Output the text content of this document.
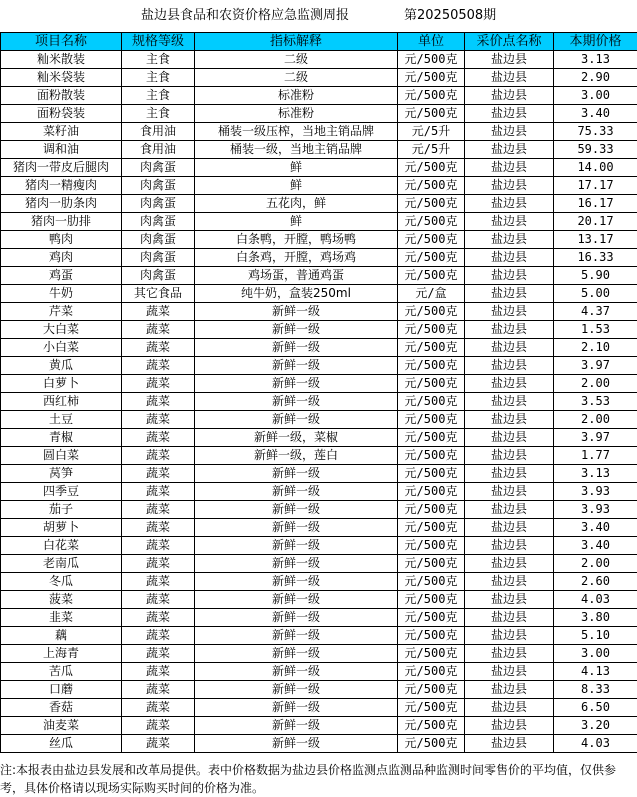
盐边县食品和农资价格应急监测周报	第20250508期
项目名称	规格等级	指标解释	单位	采价点名称	本期价格
籼米散装	主食	二级	元/500克	盐边县	3.13
籼米袋装	主食	二级	元/500克	盐边县	2.90
面粉散装	主食	标准粉	元/500克	盐边县	3.00
面粉袋装	主食	标准粉	元/500克	盐边县	3.40
菜籽油	食用油	桶装一级压榨，当地主销品牌	元/5升	盐边县	75.33
调和油	食用油	桶装一级，当地主销品牌	元/5升	盐边县	59.33
猪肉一带皮后腿肉	肉禽蛋	鲜	元/500克	盐边县	14.00
猪肉一精瘦肉	肉禽蛋	鲜	元/500克	盐边县	17.17
猪肉一肋条肉	肉禽蛋	五花肉，鲜	元/500克	盐边县	16.17
猪肉一肋排	肉禽蛋	鲜	元/500克	盐边县	20.17
鸭肉	肉禽蛋	白条鸭，开膛，鸭场鸭	元/500克	盐边县	13.17
鸡肉	肉禽蛋	白条鸡，开膛，鸡场鸡	元/500克	盐边县	16.33
鸡蛋	肉禽蛋	鸡场蛋，普通鸡蛋	元/500克	盐边县	5.90
牛奶	其它食品	纯牛奶，盒装250ml	元/盒	盐边县	5.00
芹菜	蔬菜	新鲜一级	元/500克	盐边县	4.37
大白菜	蔬菜	新鲜一级	元/500克	盐边县	1.53
小白菜	蔬菜	新鲜一级	元/500克	盐边县	2.10
黄瓜	蔬菜	新鲜一级	元/500克	盐边县	3.97
白萝卜	蔬菜	新鲜一级	元/500克	盐边县	2.00
西红柿	蔬菜	新鲜一级	元/500克	盐边县	3.53
土豆	蔬菜	新鲜一级	元/500克	盐边县	2.00
青椒	蔬菜	新鲜一级，菜椒	元/500克	盐边县	3.97
圆白菜	蔬菜	新鲜一级，莲白	元/500克	盐边县	1.77
莴笋	蔬菜	新鲜一级	元/500克	盐边县	3.13
四季豆	蔬菜	新鲜一级	元/500克	盐边县	3.93
茄子	蔬菜	新鲜一级	元/500克	盐边县	3.93
胡萝卜	蔬菜	新鲜一级	元/500克	盐边县	3.40
白花菜	蔬菜	新鲜一级	元/500克	盐边县	3.40
老南瓜	蔬菜	新鲜一级	元/500克	盐边县	2.00
冬瓜	蔬菜	新鲜一级	元/500克	盐边县	2.60
菠菜	蔬菜	新鲜一级	元/500克	盐边县	4.03
韭菜	蔬菜	新鲜一级	元/500克	盐边县	3.80
藕	蔬菜	新鲜一级	元/500克	盐边县	5.10
上海青	蔬菜	新鲜一级	元/500克	盐边县	3.00
苦瓜	蔬菜	新鲜一级	元/500克	盐边县	4.13
口蘑	蔬菜	新鲜一级	元/500克	盐边县	8.33
香菇	蔬菜	新鲜一级	元/500克	盐边县	6.50
油麦菜	蔬菜	新鲜一级	元/500克	盐边县	3.20
丝瓜	蔬菜	新鲜一级	元/500克	盐边县	4.03
注:本报表由盐边县发展和改革局提供。表中价格数据为盐边县价格监测点监测品种监测时间零售价的平均值，仅供参考，具体价格请以现场实际购买时间的价格为准。
